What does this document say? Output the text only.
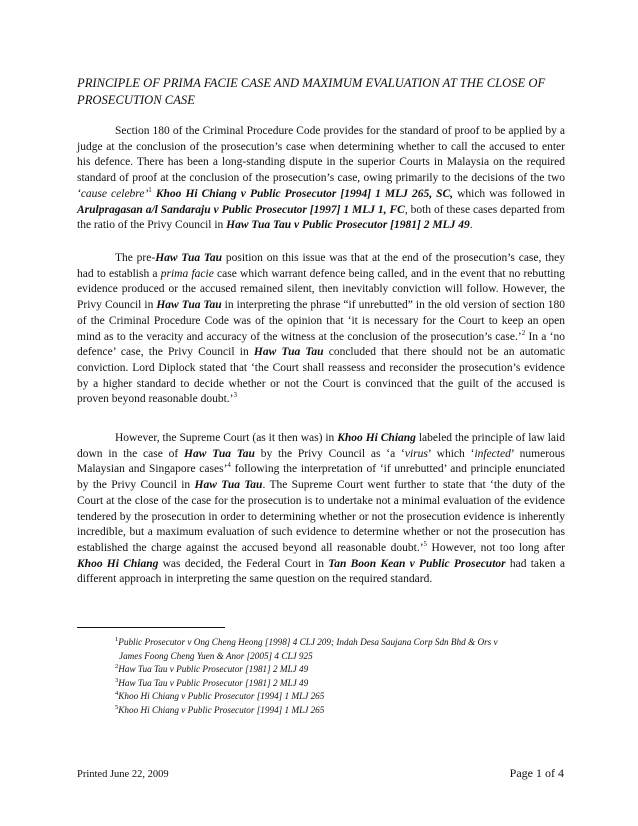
PRINCIPLE OF PRIMA FACIE CASE AND MAXIMUM EVALUATION AT THE CLOSE OF
PROSECUTION CASE

Section 180 of the Criminal Procedure Code provides for the standard of proof to be applied by a judge at the conclusion of the prosecution’s case when determining whether to call the accused to enter his defence. There has been a long-standing dispute in the superior Courts in Malaysia on the required standard of proof at the conclusion of the prosecution’s case, owing primarily to the decisions of the two ‘cause celebre’$^1$ Khoo Hi Chiang v Public Prosecutor [1994] 1 MLJ 265, SC, which was followed in Arulpragasan a/l Sandaraju v Public Prosecutor [1997] 1 MLJ 1, FC, both of these cases departed from the ratio of the Privy Council in Haw Tua Tau v Public Prosecutor [1981] 2 MLJ 49.

The pre-Haw Tua Tau position on this issue was that at the end of the prosecution’s case, they had to establish a prima facie case which warrant defence being called, and in the event that no rebutting evidence produced or the accused remained silent, then inevitably conviction will follow. However, the Privy Council in Haw Tua Tau in interpreting the phrase “if unrebutted” in the old version of section 180 of the Criminal Procedure Code was of the opinion that ‘it is necessary for the Court to keep an open mind as to the veracity and accuracy of the witness at the conclusion of the prosecution’s case.’$^2$ In a ‘no defence’ case, the Privy Council in Haw Tua Tau concluded that there should not be an automatic conviction. Lord Diplock stated that ‘the Court shall reassess and reconsider the prosecution’s evidence by a higher standard to decide whether or not the Court is convinced that the guilt of the accused is proven beyond reasonable doubt.’$^3$

However, the Supreme Court (as it then was) in Khoo Hi Chiang labeled the principle of law laid down in the case of Haw Tua Tau by the Privy Council as ‘a ‘virus’ which ‘infected’ numerous Malaysian and Singapore cases’$^4$ following the interpretation of ‘if unrebutted’ and principle enunciated by the Privy Council in Haw Tua Tau. The Supreme Court went further to state that ‘the duty of the Court at the close of the case for the prosecution is to undertake not a minimal evaluation of the evidence tendered by the prosecution in order to determining whether or not the prosecution evidence is inherently incredible, but a maximum evaluation of such evidence to determine whether or not the prosecution has established the charge against the accused beyond all reasonable doubt.’$^5$ However, not too long after Khoo Hi Chiang was decided, the Federal Court in Tan Boon Kean v Public Prosecutor had taken a different approach in interpreting the same question on the required standard.

$^1$Public Prosecutor v Ong Cheng Heong [1998] 4 CLJ 209; Indah Desa Saujana Corp Sdn Bhd & Ors v
James Foong Cheng Yuen & Anor [2005] 4 CLJ 925
$^2$Haw Tua Tau v Public Prosecutor [1981] 2 MLJ 49
$^3$Haw Tua Tau v Public Prosecutor [1981] 2 MLJ 49
$^4$Khoo Hi Chiang v Public Prosecutor [1994] 1 MLJ 265
$^5$Khoo Hi Chiang v Public Prosecutor [1994] 1 MLJ 265
Printed June 22, 2009	Page 1 of 4
